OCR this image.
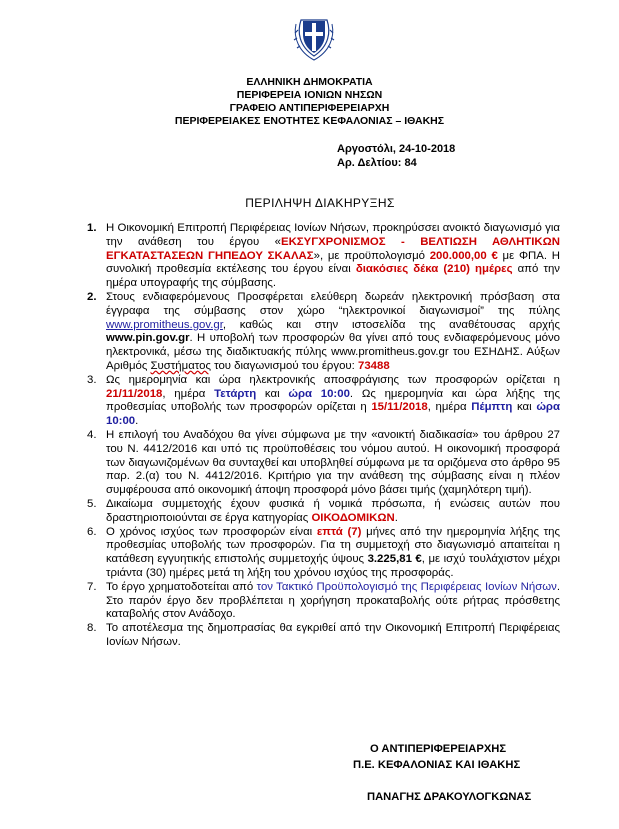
ΕΛΛΗΝΙΚΗ ΔΗΜΟΚΡΑΤΙΑ
ΠΕΡΙΦΕΡΕΙΑ ΙΟΝΙΩΝ ΝΗΣΩΝ
ΓΡΑΦΕΙΟ ΑΝΤΙΠΕΡΙΦΕΡΕΙΑΡΧΗ
ΠΕΡΙΦΕΡΕΙΑΚΕΣ ΕΝΟΤΗΤΕΣ ΚΕΦΑΛΟΝΙΑΣ – ΙΘΑΚΗΣ
Αργοστόλι, 24-10-2018
Αρ. Δελτίου: 84
ΠΕΡΙΛΗΨΗ ΔΙΑΚΗΡΥΞΗΣ

1. Η Οικονομική Επιτροπή Περιφέρειας Ιονίων Νήσων, προκηρύσσει ανοικτό διαγωνισμό για την ανάθεση του έργου «ΕΚΣΥΓΧΡΟΝΙΣΜΟΣ - ΒΕΛΤΙΩΣΗ ΑΘΛΗΤΙΚΩΝ ΕΓΚΑΤΑΣΤΑΣΕΩΝ ΓΗΠΕΔΟΥ ΣΚΑΛΑΣ», με προϋπολογισμό 200.000,00 € με ΦΠΑ. Η συνολική προθεσμία εκτέλεσης του έργου είναι διακόσιες δέκα (210) ημέρες από την ημέρα υπογραφής της σύμβασης.

2. Στους ενδιαφερόμενους Προσφέρεται ελεύθερη δωρεάν ηλεκτρονική πρόσβαση στα έγγραφα της σύμβασης στον χώρο “ηλεκτρονικοί διαγωνισμοί” της πύλης www.promitheus.gov.gr, καθώς και στην ιστοσελίδα της αναθέτουσας αρχής www.pin.gov.gr. Η υποβολή των προσφορών θα γίνει από τους ενδιαφερόμενους μόνο ηλεκτρονικά, μέσω της διαδικτυακής πύλης www.promitheus.gov.gr του ΕΣΗΔΗΣ. Αύξων Αριθμός Συστήματος του διαγωνισμού του έργου: 73488

3. Ως ημερομηνία και ώρα ηλεκτρονικής αποσφράγισης των προσφορών ορίζεται η 21/11/2018, ημέρα Τετάρτη και ώρα 10:00. Ως ημερομηνία και ώρα λήξης της προθεσμίας υποβολής των προσφορών ορίζεται η 15/11/2018, ημέρα Πέμπτη και ώρα 10:00.

4. Η επιλογή του Αναδόχου θα γίνει σύμφωνα με την «ανοικτή διαδικασία» του άρθρου 27 του Ν. 4412/2016 και υπό τις προϋποθέσεις του νόμου αυτού. Η οικονομική προσφορά των διαγωνιζομένων θα συνταχθεί και υποβληθεί σύμφωνα με τα οριζόμενα στο άρθρο 95 παρ. 2.(α) του Ν. 4412/2016. Κριτήριο για την ανάθεση της σύμβασης είναι η πλέον συμφέρουσα από οικονομική άποψη προσφορά μόνο βάσει τιμής (χαμηλότερη τιμή).

5. Δικαίωμα συμμετοχής έχουν φυσικά ή νομικά πρόσωπα, ή ενώσεις αυτών που δραστηριοποιούνται σε έργα κατηγορίας ΟΙΚΟΔΟΜΙΚΩΝ.

6. Ο χρόνος ισχύος των προσφορών είναι επτά (7) μήνες από την ημερομηνία λήξης της προθεσμίας υποβολής των προσφορών. Για τη συμμετοχή στο διαγωνισμό απαιτείται η κατάθεση εγγυητικής επιστολής συμμετοχής ύψους 3.225,81 €, με ισχύ τουλάχιστον μέχρι τριάντα (30) ημέρες μετά τη λήξη του χρόνου ισχύος της προσφοράς.

7. Το έργο χρηματοδοτείται από τον Τακτικό Προϋπολογισμό της Περιφέρειας Ιονίων Νήσων. Στο παρόν έργο δεν προβλέπεται η χορήγηση προκαταβολής ούτε ρήτρας πρόσθετης καταβολής στον Ανάδοχο.

8. Το αποτέλεσμα της δημοπρασίας θα εγκριθεί από την Οικονομική Επιτροπή Περιφέρειας Ιονίων Νήσων.

Ο ΑΝΤΙΠΕΡΙΦΕΡΕΙΑΡΧΗΣ
Π.Ε. ΚΕΦΑΛΟΝΙΑΣ ΚΑΙ ΙΘΑΚΗΣ
ΠΑΝΑΓΗΣ ΔΡΑΚΟΥΛΟΓΚΩΝΑΣ
